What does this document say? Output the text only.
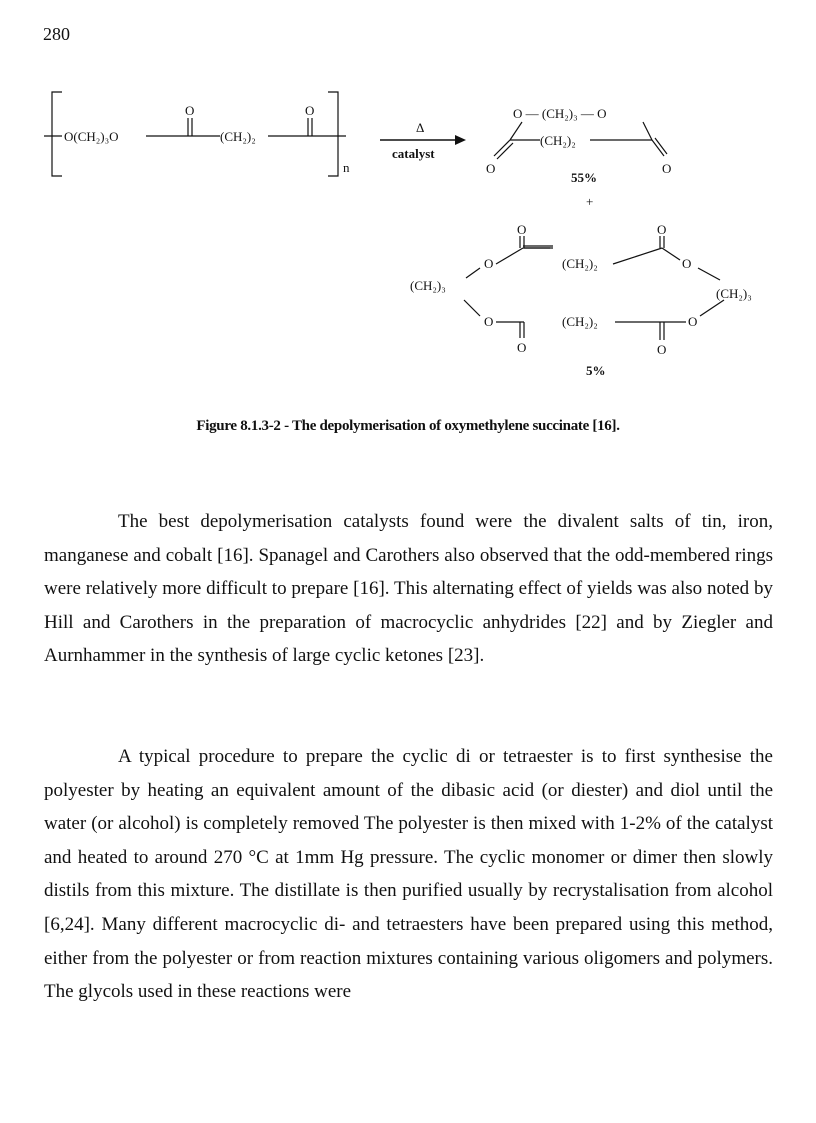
280
O(CH₂)₃O
O
(CH₂)₂
O
n
Δ
catalyst
O — (CH₂)₃ — O
(CH₂)₂
O	O
55%
+
O	O
O	(CH₂)₂	O
(CH₂)₃
(CH₂)₃
O
O
(CH₂)₂
O
O
5%
Figure 8.1.3-2 - The depolymerisation of oxymethylene succinate [16].

The best depolymerisation catalysts found were the divalent salts of tin, iron, manganese and cobalt [16]. Spanagel and Carothers also observed that the odd-membered rings were relatively more difficult to prepare [16]. This alternating effect of yields was also noted by Hill and Carothers in the preparation of macrocyclic anhydrides [22] and by Ziegler and Aurnhammer in the synthesis of large cyclic ketones [23].

A typical procedure to prepare the cyclic di or tetraester is to first synthesise the polyester by heating an equivalent amount of the dibasic acid (or diester) and diol until the water (or alcohol) is completely removed The polyester is then mixed with 1-2% of the catalyst and heated to around 270 °C at 1mm Hg pressure. The cyclic monomer or dimer then slowly distils from this mixture. The distillate is then purified usually by recrystalisation from alcohol [6,24]. Many different macrocyclic di- and tetraesters have been prepared using this method, either from the polyester or from reaction mixtures containing various oligomers and polymers. The glycols used in these reactions were
